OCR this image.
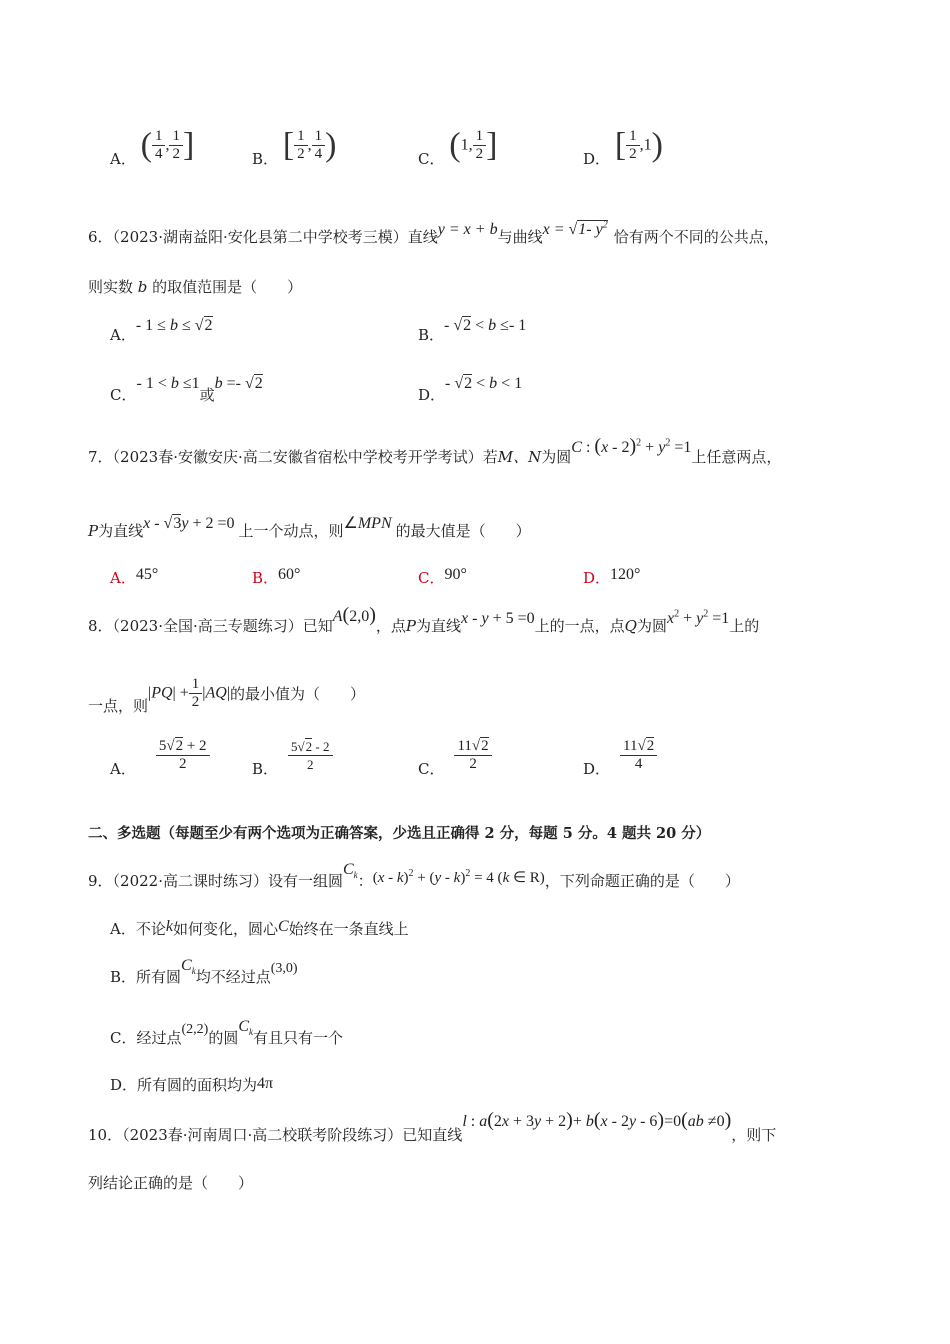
A． ( $\frac{1}{4}$ , $\frac{1}{2}$ ]	B． [ $\frac{1}{2}$ , $\frac{1}{4}$ )	C． (1, $\frac{1}{2}$ ]	D． [ $\frac{1}{2} ,1$)
6．（2023·湖南益阳·安化县第二中学校考三模）直线y = x + b与曲线x = √1- $y^2$恰有两个不同的公共点，
则实数 b 的取值范围是（　　）
A．- 1 ≤ b ≤ √2
B．- √2 < b ≤- 1
C．- 1 < b ≤1或b =- √2
D．- √2 < b < 1
7．（2023春·安徽安庆·高二安徽省宿松中学校考开学考试）若M、N为圆C : $(x - 2)^2 + y^2 =1$上任意两点，
P为直线x - √3y + 2 =0 上一个动点，则∠MPN 的最大值是（　　）
A．45°	B．60°	C．90°	D．120°
8．（2023·全国·高三专题练习）已知A(2,0)，点P为直线x - y + 5 =0上的一点，点Q为圆$x^2 + y^2 =1$上的
一点，则$|PQ| + \frac{1}{2} |AQ|$的最小值为（　　）
A． $\frac{5√2 + 2}{2}$	B． $\frac{5√2 - 2}{2}$	C． $\frac{11√2}{2}$	D． $\frac{11√2}{4}$
二、多选题（每题至少有两个选项为正确答案，少选且正确得 2 分，每题 5 分。4 题共 20 分）
9．（2022·高二课时练习）设有一组圆$C_k$：(x - k)$^2$ + (y - k)$^2$ = 4 (k ∈ R)，下列命题正确的是（　　）
A．不论k如何变化，圆心C始终在一条直线上
B．所有圆$C_k$均不经过点(3,0)
C．经过点(2,2)的圆$C_k$有且只有一个
D．所有圆的面积均为4π
10．（2023春·河南周口·高二校联考阶段练习）已知直线l : a(2x + 3y + 2)+ b(x - 2y - 6)=0(ab ≠0)，则下
列结论正确的是（　　）
